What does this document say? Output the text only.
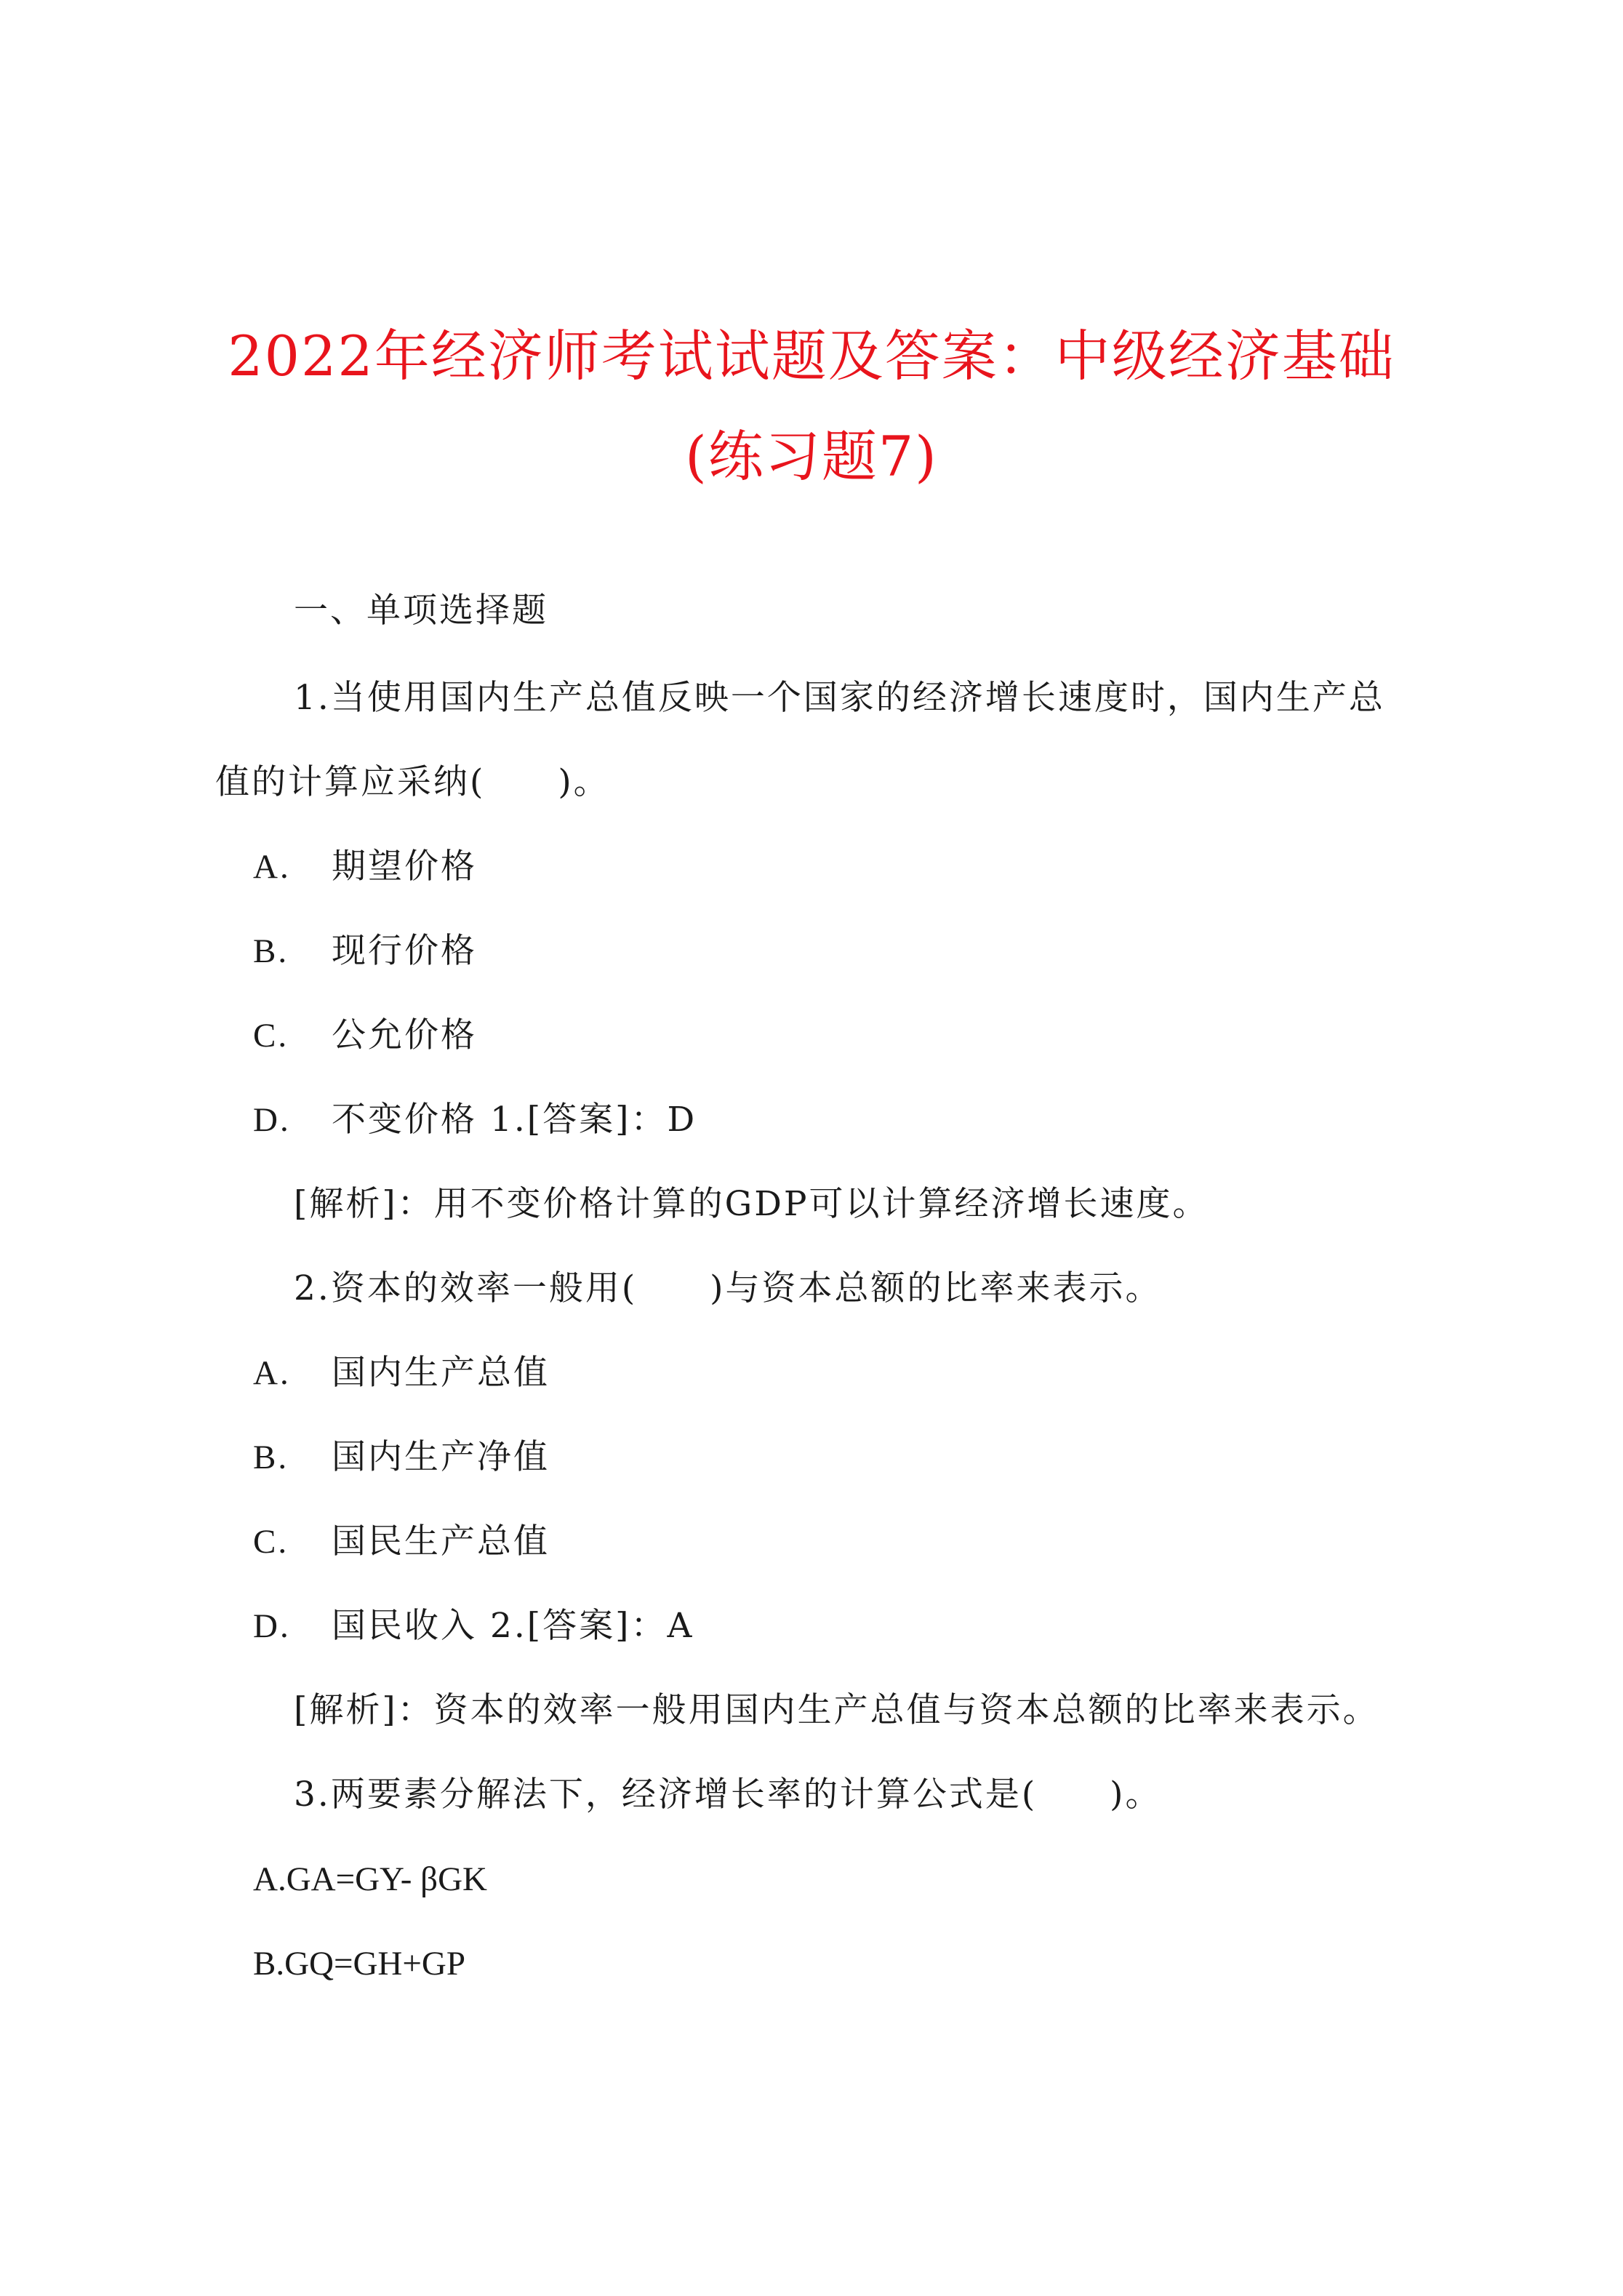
2022年经济师考试试题及答案：中级经济基础
(练习题7)
一、单项选择题
1.当使用国内生产总值反映一个国家的经济增长速度时，国内生产总
值的计算应采纳(　　)。
A. 期望价格
B. 现行价格
C. 公允价格
D. 不变价格 1.[答案]：D
[解析]：用不变价格计算的GDP可以计算经济增长速度。
2.资本的效率一般用(　　)与资本总额的比率来表示。
A. 国内生产总值
B. 国内生产净值
C. 国民生产总值
D. 国民收入 2.[答案]：A
[解析]：资本的效率一般用国内生产总值与资本总额的比率来表示。
3.两要素分解法下，经济增长率的计算公式是(　　)。
A.GA=GY- βGK
B.GQ=GH+GP
